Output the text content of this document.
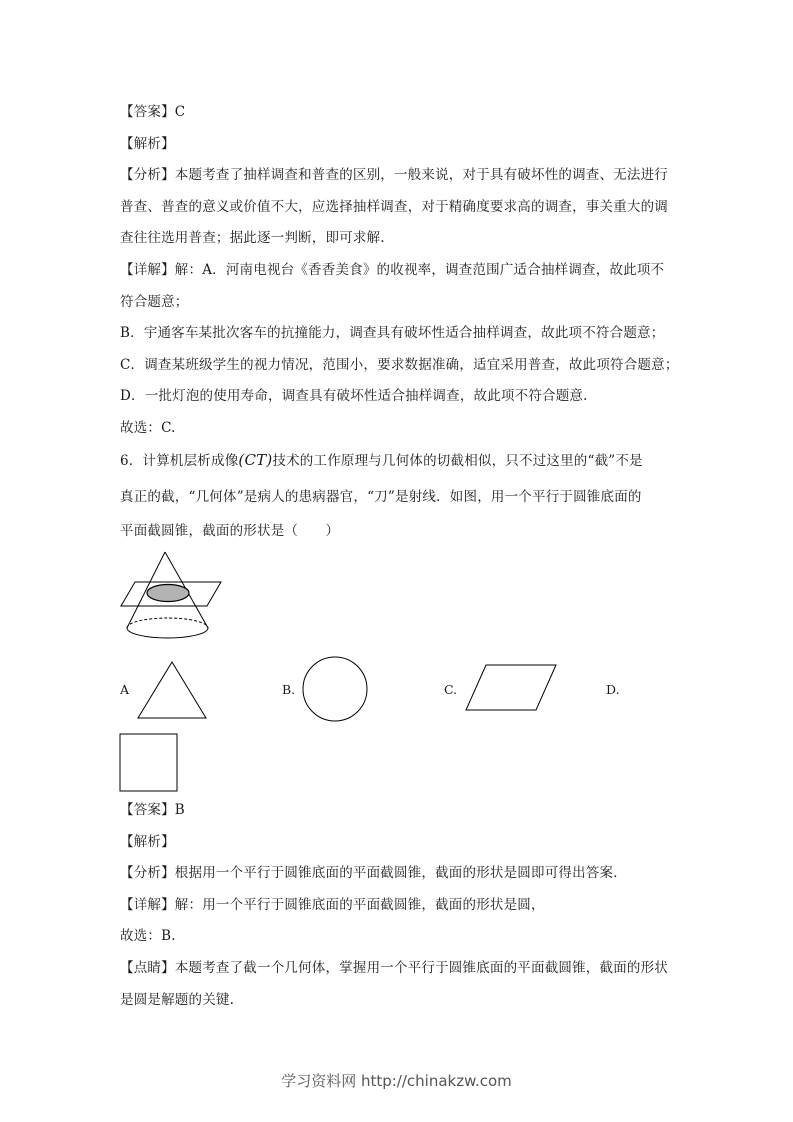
【答案】C
【解析】
【分析】本题考查了抽样调查和普查的区别，一般来说，对于具有破坏性的调查、无法进行
普查、普查的意义或价值不大，应选择抽样调查，对于精确度要求高的调查，事关重大的调
查往往选用普查；据此逐一判断，即可求解.
【详解】解：A．河南电视台《香香美食》的收视率，调查范围广适合抽样调查，故此项不
符合题意；
B．宇通客车某批次客车的抗撞能力，调查具有破坏性适合抽样调查，故此项不符合题意；
C．调查某班级学生的视力情况，范围小，要求数据准确，适宜采用普查，故此项符合题意；
D．一批灯泡的使用寿命，调查具有破坏性适合抽样调查，故此项不符合题意.
故选：C.
6．计算机层析成像(CT)技术的工作原理与几何体的切截相似，只不过这里的“截”不是
真正的截，“几何体”是病人的患病器官，“刀”是射线．如图，用一个平行于圆锥底面的
平面截圆锥，截面的形状是（　　）
A	B.	C.	D.
【答案】B
【解析】
【分析】根据用一个平行于圆锥底面的平面截圆锥，截面的形状是圆即可得出答案．
【详解】解：用一个平行于圆锥底面的平面截圆锥，截面的形状是圆，
故选：B.
【点睛】本题考查了截一个几何体，掌握用一个平行于圆锥底面的平面截圆锥，截面的形状
是圆是解题的关键.
学习资料网 http://chinakzw.com
